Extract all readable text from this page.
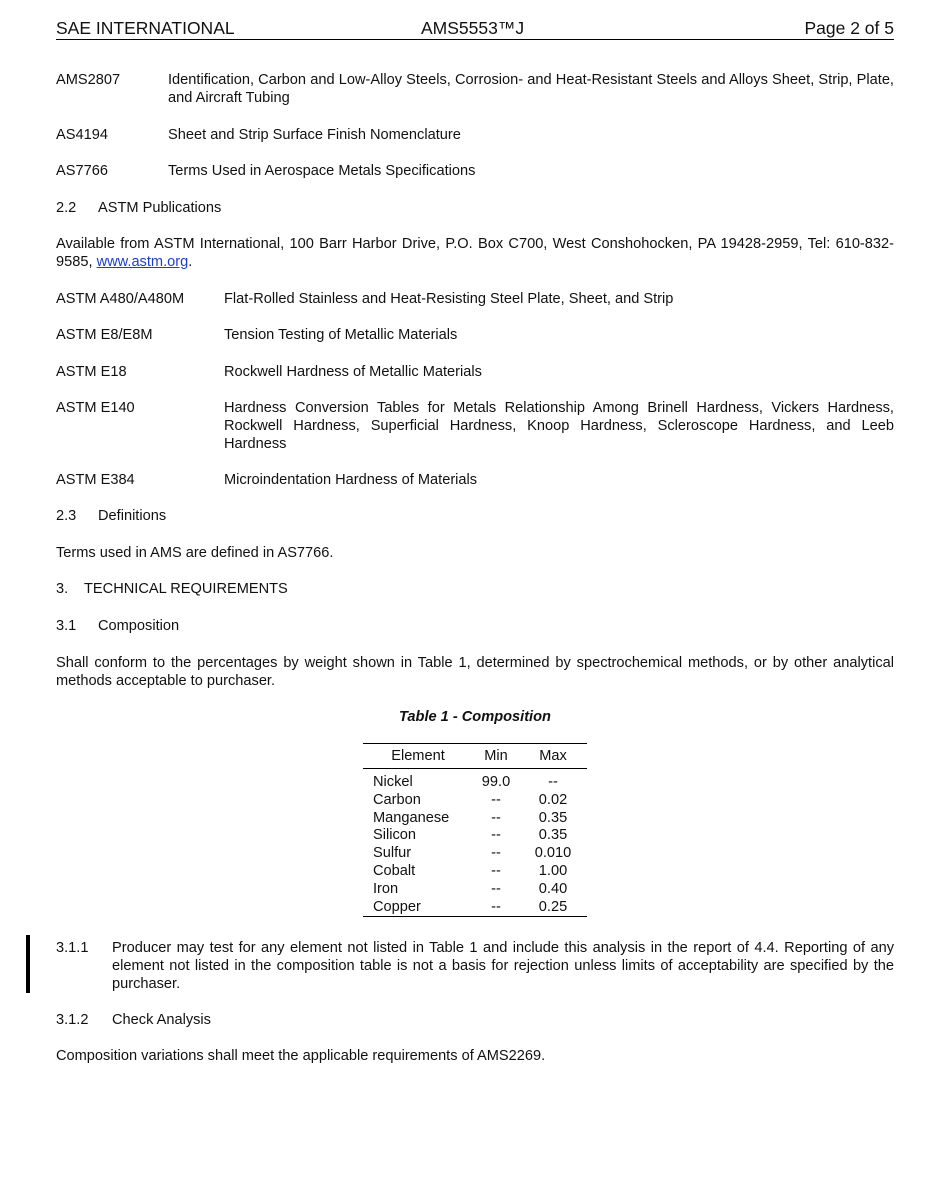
SAE INTERNATIONAL	AMS5553™J	Page 2 of 5
AMS2807	Identification, Carbon and Low-Alloy Steels, Corrosion- and Heat-Resistant Steels and Alloys Sheet, Strip, Plate, and Aircraft Tubing
AS4194	Sheet and Strip Surface Finish Nomenclature
AS7766	Terms Used in Aerospace Metals Specifications
2.2 ASTM Publications
Available from ASTM International, 100 Barr Harbor Drive, P.O. Box C700, West Conshohocken, PA 19428-2959, Tel: 610-832-9585, www.astm.org.
ASTM A480/A480M	Flat-Rolled Stainless and Heat-Resisting Steel Plate, Sheet, and Strip
ASTM E8/E8M	Tension Testing of Metallic Materials
ASTM E18	Rockwell Hardness of Metallic Materials
ASTM E140	Hardness Conversion Tables for Metals Relationship Among Brinell Hardness, Vickers Hardness, Rockwell Hardness, Superficial Hardness, Knoop Hardness, Scleroscope Hardness, and Leeb Hardness
ASTM E384	Microindentation Hardness of Materials
2.3 Definitions
Terms used in AMS are defined in AS7766.
3. TECHNICAL REQUIREMENTS
3.1 Composition
Shall conform to the percentages by weight shown in Table 1, determined by spectrochemical methods, or by other analytical methods acceptable to purchaser.
Table 1 - Composition
Element	Min	Max
Nickel	99.0	--
Carbon	--	0.02
Manganese	--	0.35
Silicon	--	0.35
Sulfur	--	0.010
Cobalt	--	1.00
Iron	--	0.40
Copper	--	0.25
3.1.1 Producer may test for any element not listed in Table 1 and include this analysis in the report of 4.4. Reporting of any element not listed in the composition table is not a basis for rejection unless limits of acceptability are specified by the purchaser.
3.1.2 Check Analysis
Composition variations shall meet the applicable requirements of AMS2269.
